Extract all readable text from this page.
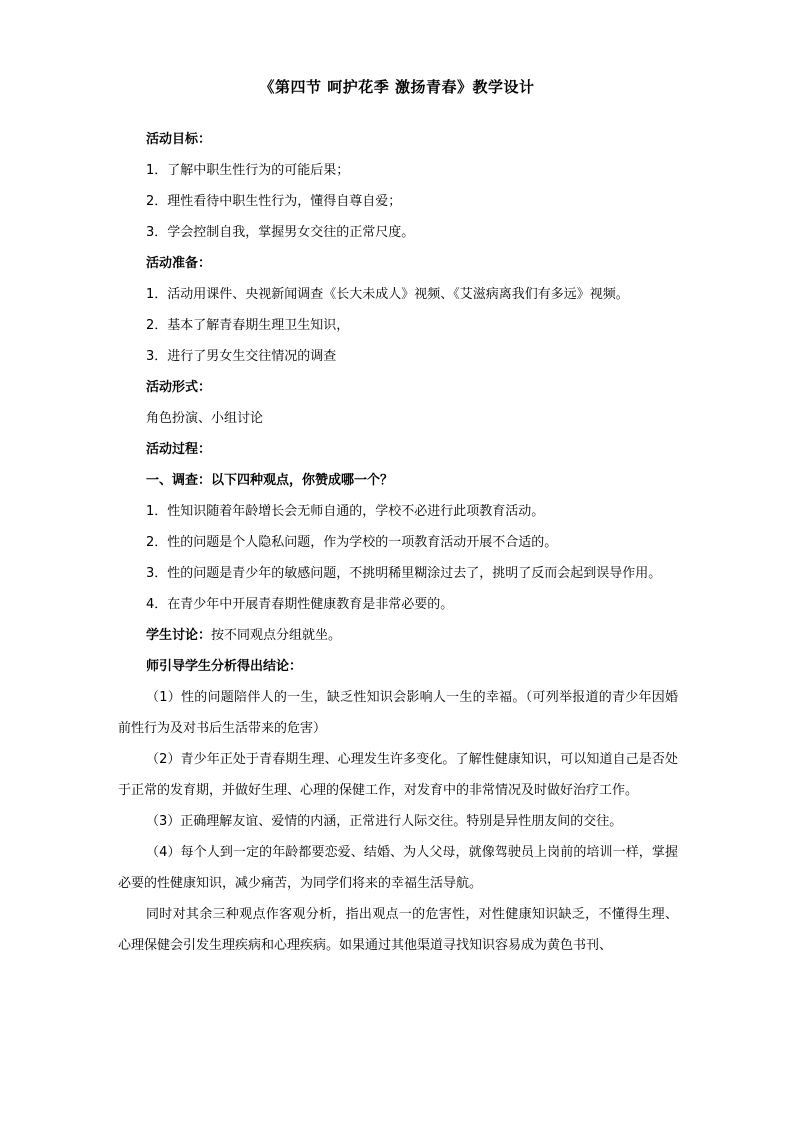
《第四节 呵护花季 激扬青春》教学设计

活动目标：

1．了解中职生性行为的可能后果；

2．理性看待中职生性行为，懂得自尊自爱；

3．学会控制自我，掌握男女交往的正常尺度。

活动准备：

1．活动用课件、央视新闻调查《长大未成人》视频、《艾滋病离我们有多远》视频。

2．基本了解青春期生理卫生知识，

3．进行了男女生交往情况的调查

活动形式：

角色扮演、小组讨论

活动过程：

一、调查：以下四种观点，你赞成哪一个？

1．性知识随着年龄增长会无师自通的，学校不必进行此项教育活动。

2．性的问题是个人隐私问题，作为学校的一项教育活动开展不合适的。

3．性的问题是青少年的敏感问题，不挑明稀里糊涂过去了，挑明了反而会起到误导作用。

4．在青少年中开展青春期性健康教育是非常必要的。

学生讨论：按不同观点分组就坐。

师引导学生分析得出结论：

（1）性的问题陪伴人的一生，缺乏性知识会影响人一生的幸福。（可列举报道的青少年因婚前性行为及对书后生活带来的危害）

（2）青少年正处于青春期生理、心理发生许多变化。了解性健康知识，可以知道自己是否处于正常的发育期，并做好生理、心理的保健工作，对发育中的非常情况及时做好治疗工作。

（3）正确理解友谊、爱情的内涵，正常进行人际交往。特别是异性朋友间的交往。

（4）每个人到一定的年龄都要恋爱、结婚、为人父母，就像驾驶员上岗前的培训一样，掌握必要的性健康知识，减少痛苦，为同学们将来的幸福生活导航。

同时对其余三种观点作客观分析，指出观点一的危害性，对性健康知识缺乏，不懂得生理、心理保健会引发生理疾病和心理疾病。如果通过其他渠道寻找知识容易成为黄色书刊、
